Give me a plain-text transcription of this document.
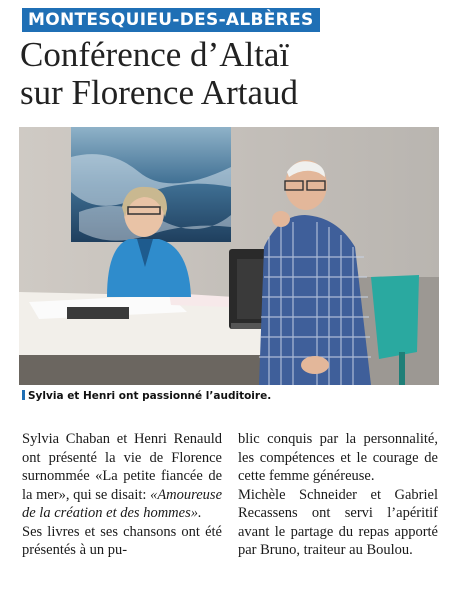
MONTESQUIEU-DES-ALBÈRES
Conférence d’Altaï
sur Florence Artaud
Sylvia et Henri ont passionné l’auditoire.

Sylvia Chaban et Henri Renauld ont présenté la vie de Florence surnommée «La petite fiancée de la mer», qui se disait: «Amoureuse de la création et des hommes».

Ses livres et ses chansons ont été présentés à un pu-

blic conquis par la personnalité, les compétences et le courage de cette femme généreuse.

Michèle Schneider et Gabriel Recassens ont servi l’apéritif avant le partage du repas apporté par Bruno, traiteur au Boulou.
